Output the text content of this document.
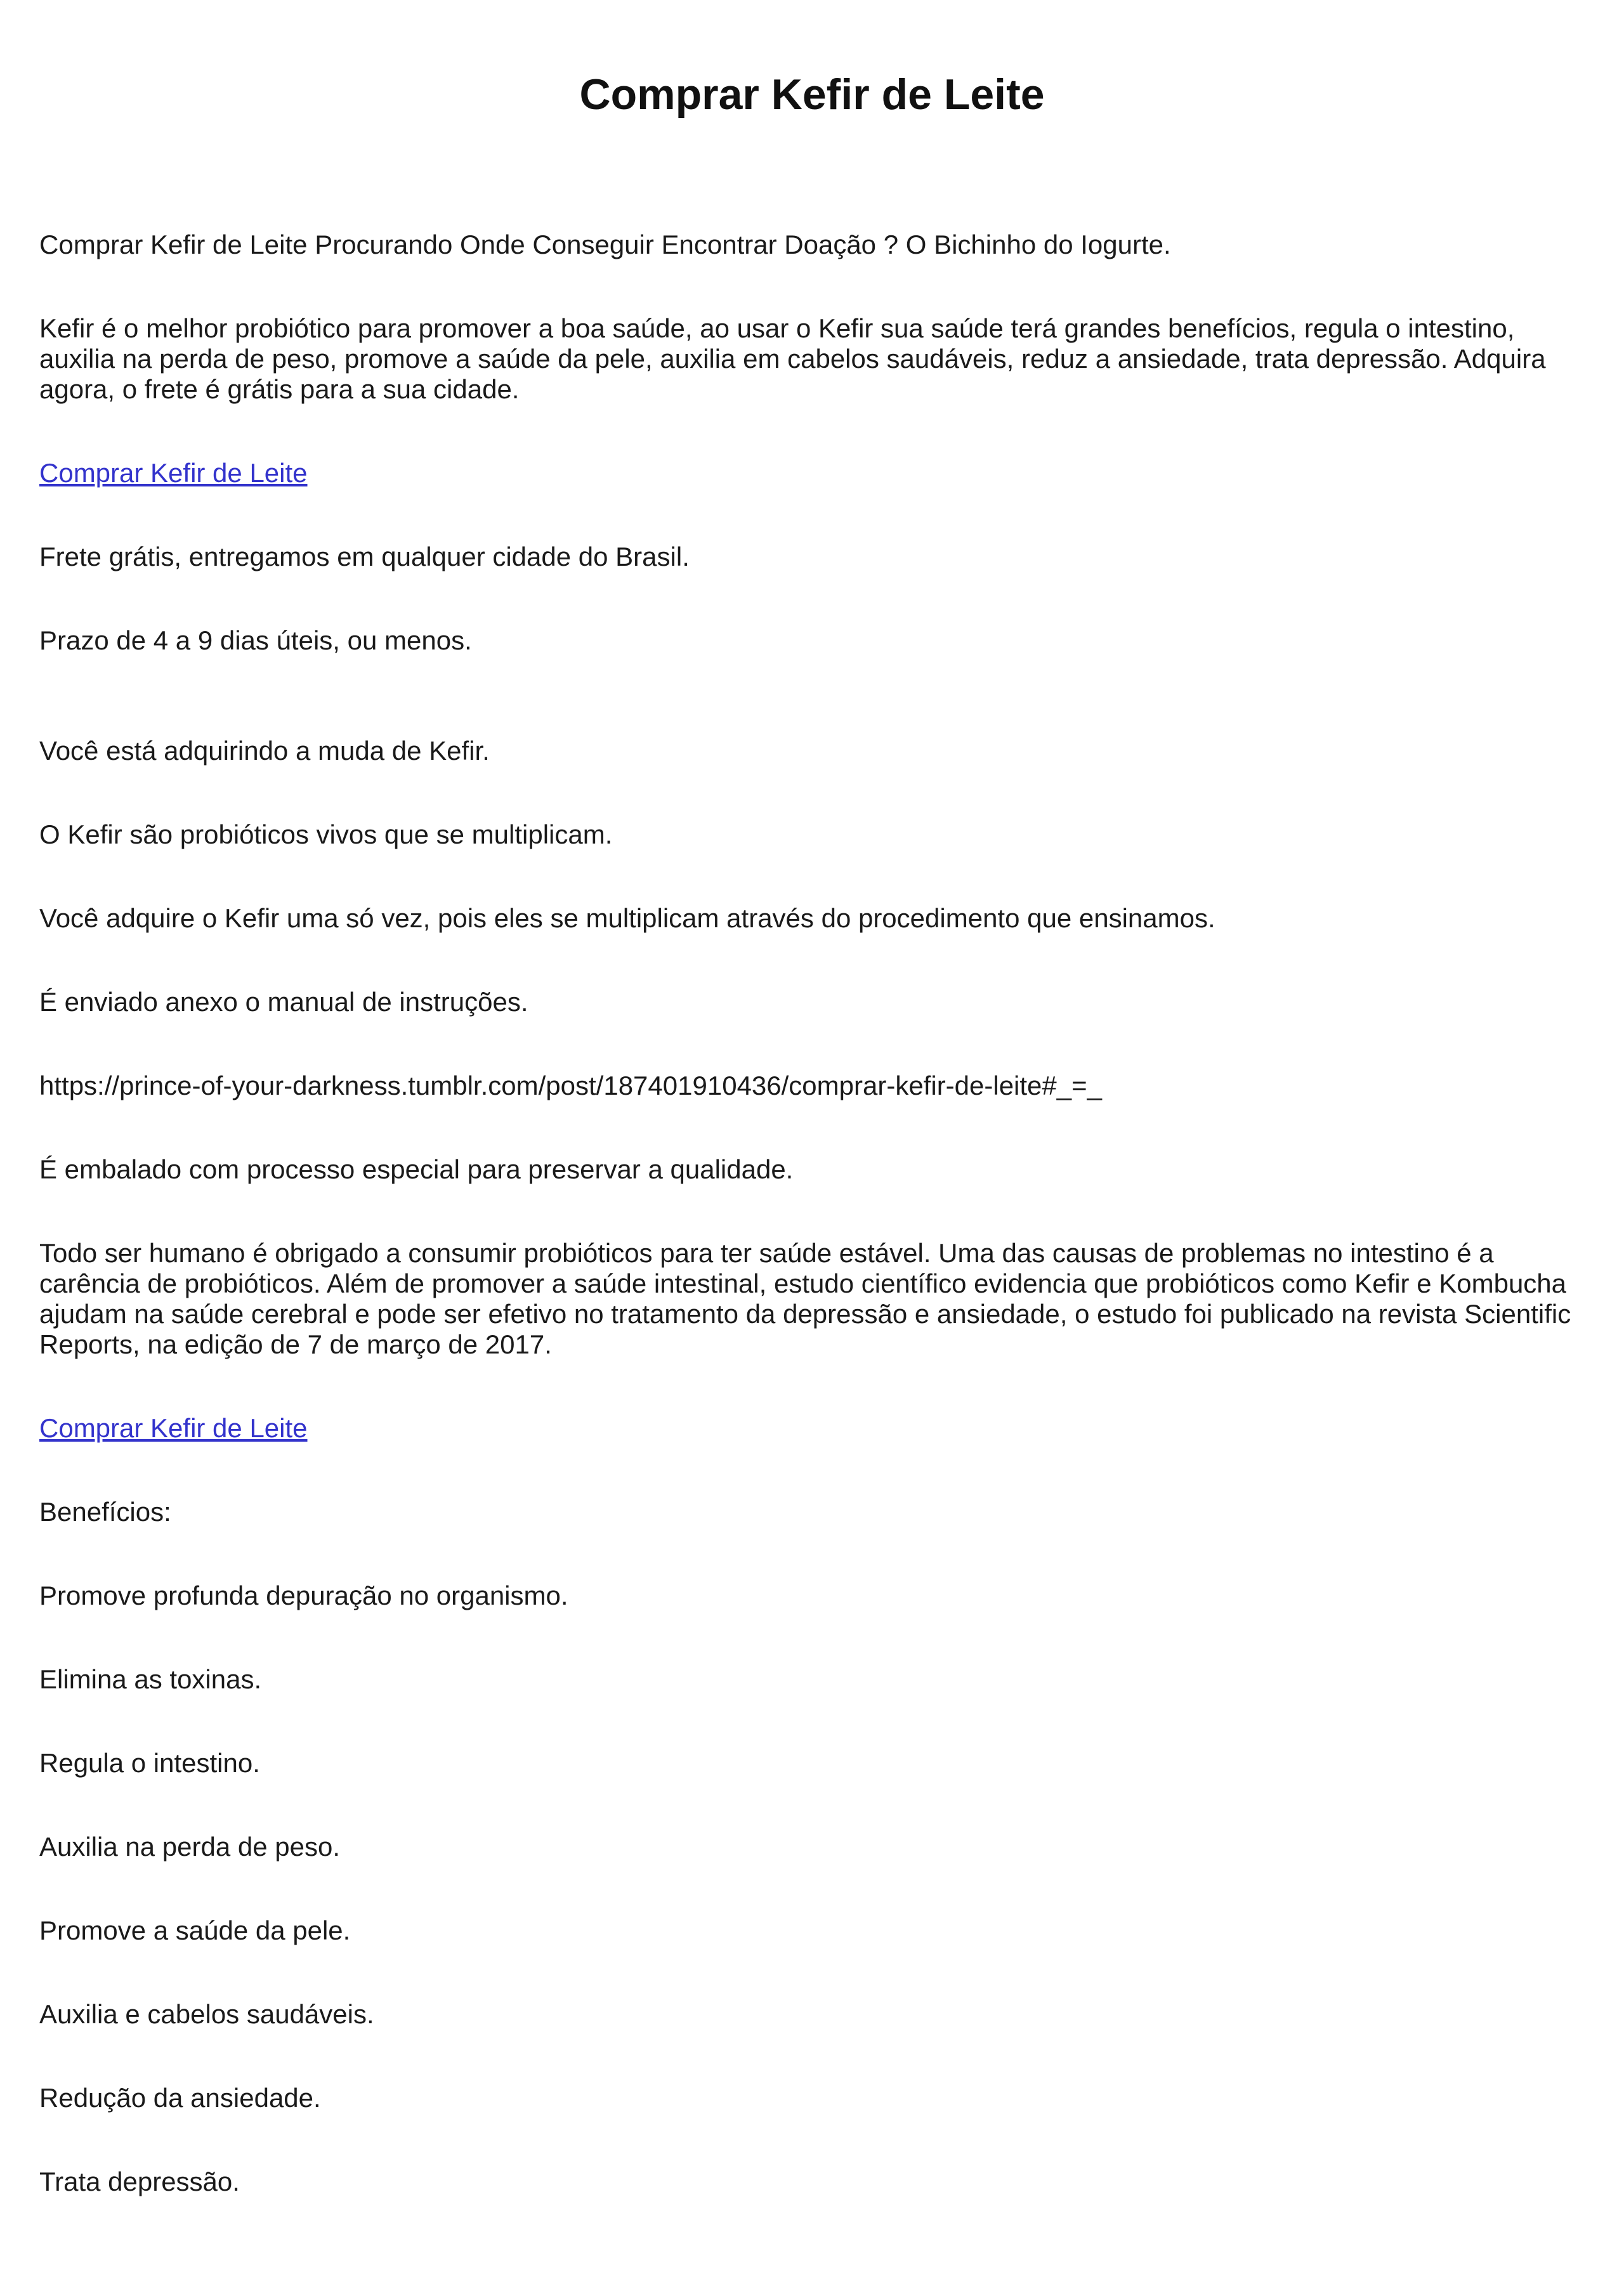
Comprar Kefir de Leite

Comprar Kefir de Leite Procurando Onde Conseguir Encontrar Doação ? O Bichinho do Iogurte.

Kefir é o melhor probiótico para promover a boa saúde, ao usar o Kefir sua saúde terá grandes benefícios, regula o intestino, auxilia na perda de peso, promove a saúde da pele, auxilia em cabelos saudáveis, reduz a ansiedade, trata depressão. Adquira agora, o frete é grátis para a sua cidade.

Comprar Kefir de Leite

Frete grátis, entregamos em qualquer cidade do Brasil.

Prazo de 4 a 9 dias úteis, ou menos.

Você está adquirindo a muda de Kefir.

O Kefir são probióticos vivos que se multiplicam.

Você adquire o Kefir uma só vez, pois eles se multiplicam através do procedimento que ensinamos.

É enviado anexo o manual de instruções.

https://prince-of-your-darkness.tumblr.com/post/187401910436/comprar-kefir-de-leite#_=_

É embalado com processo especial para preservar a qualidade.

Todo ser humano é obrigado a consumir probióticos para ter saúde estável. Uma das causas de problemas no intestino é a carência de probióticos. Além de promover a saúde intestinal, estudo científico evidencia que probióticos como Kefir e Kombucha ajudam na saúde cerebral e pode ser efetivo no tratamento da depressão e ansiedade, o estudo foi publicado na revista Scientific Reports, na edição de 7 de março de 2017.

Comprar Kefir de Leite

Benefícios:

Promove profunda depuração no organismo.

Elimina as toxinas.

Regula o intestino.

Auxilia na perda de peso.

Promove a saúde da pele.

Auxilia e cabelos saudáveis.

Redução da ansiedade.

Trata depressão.
